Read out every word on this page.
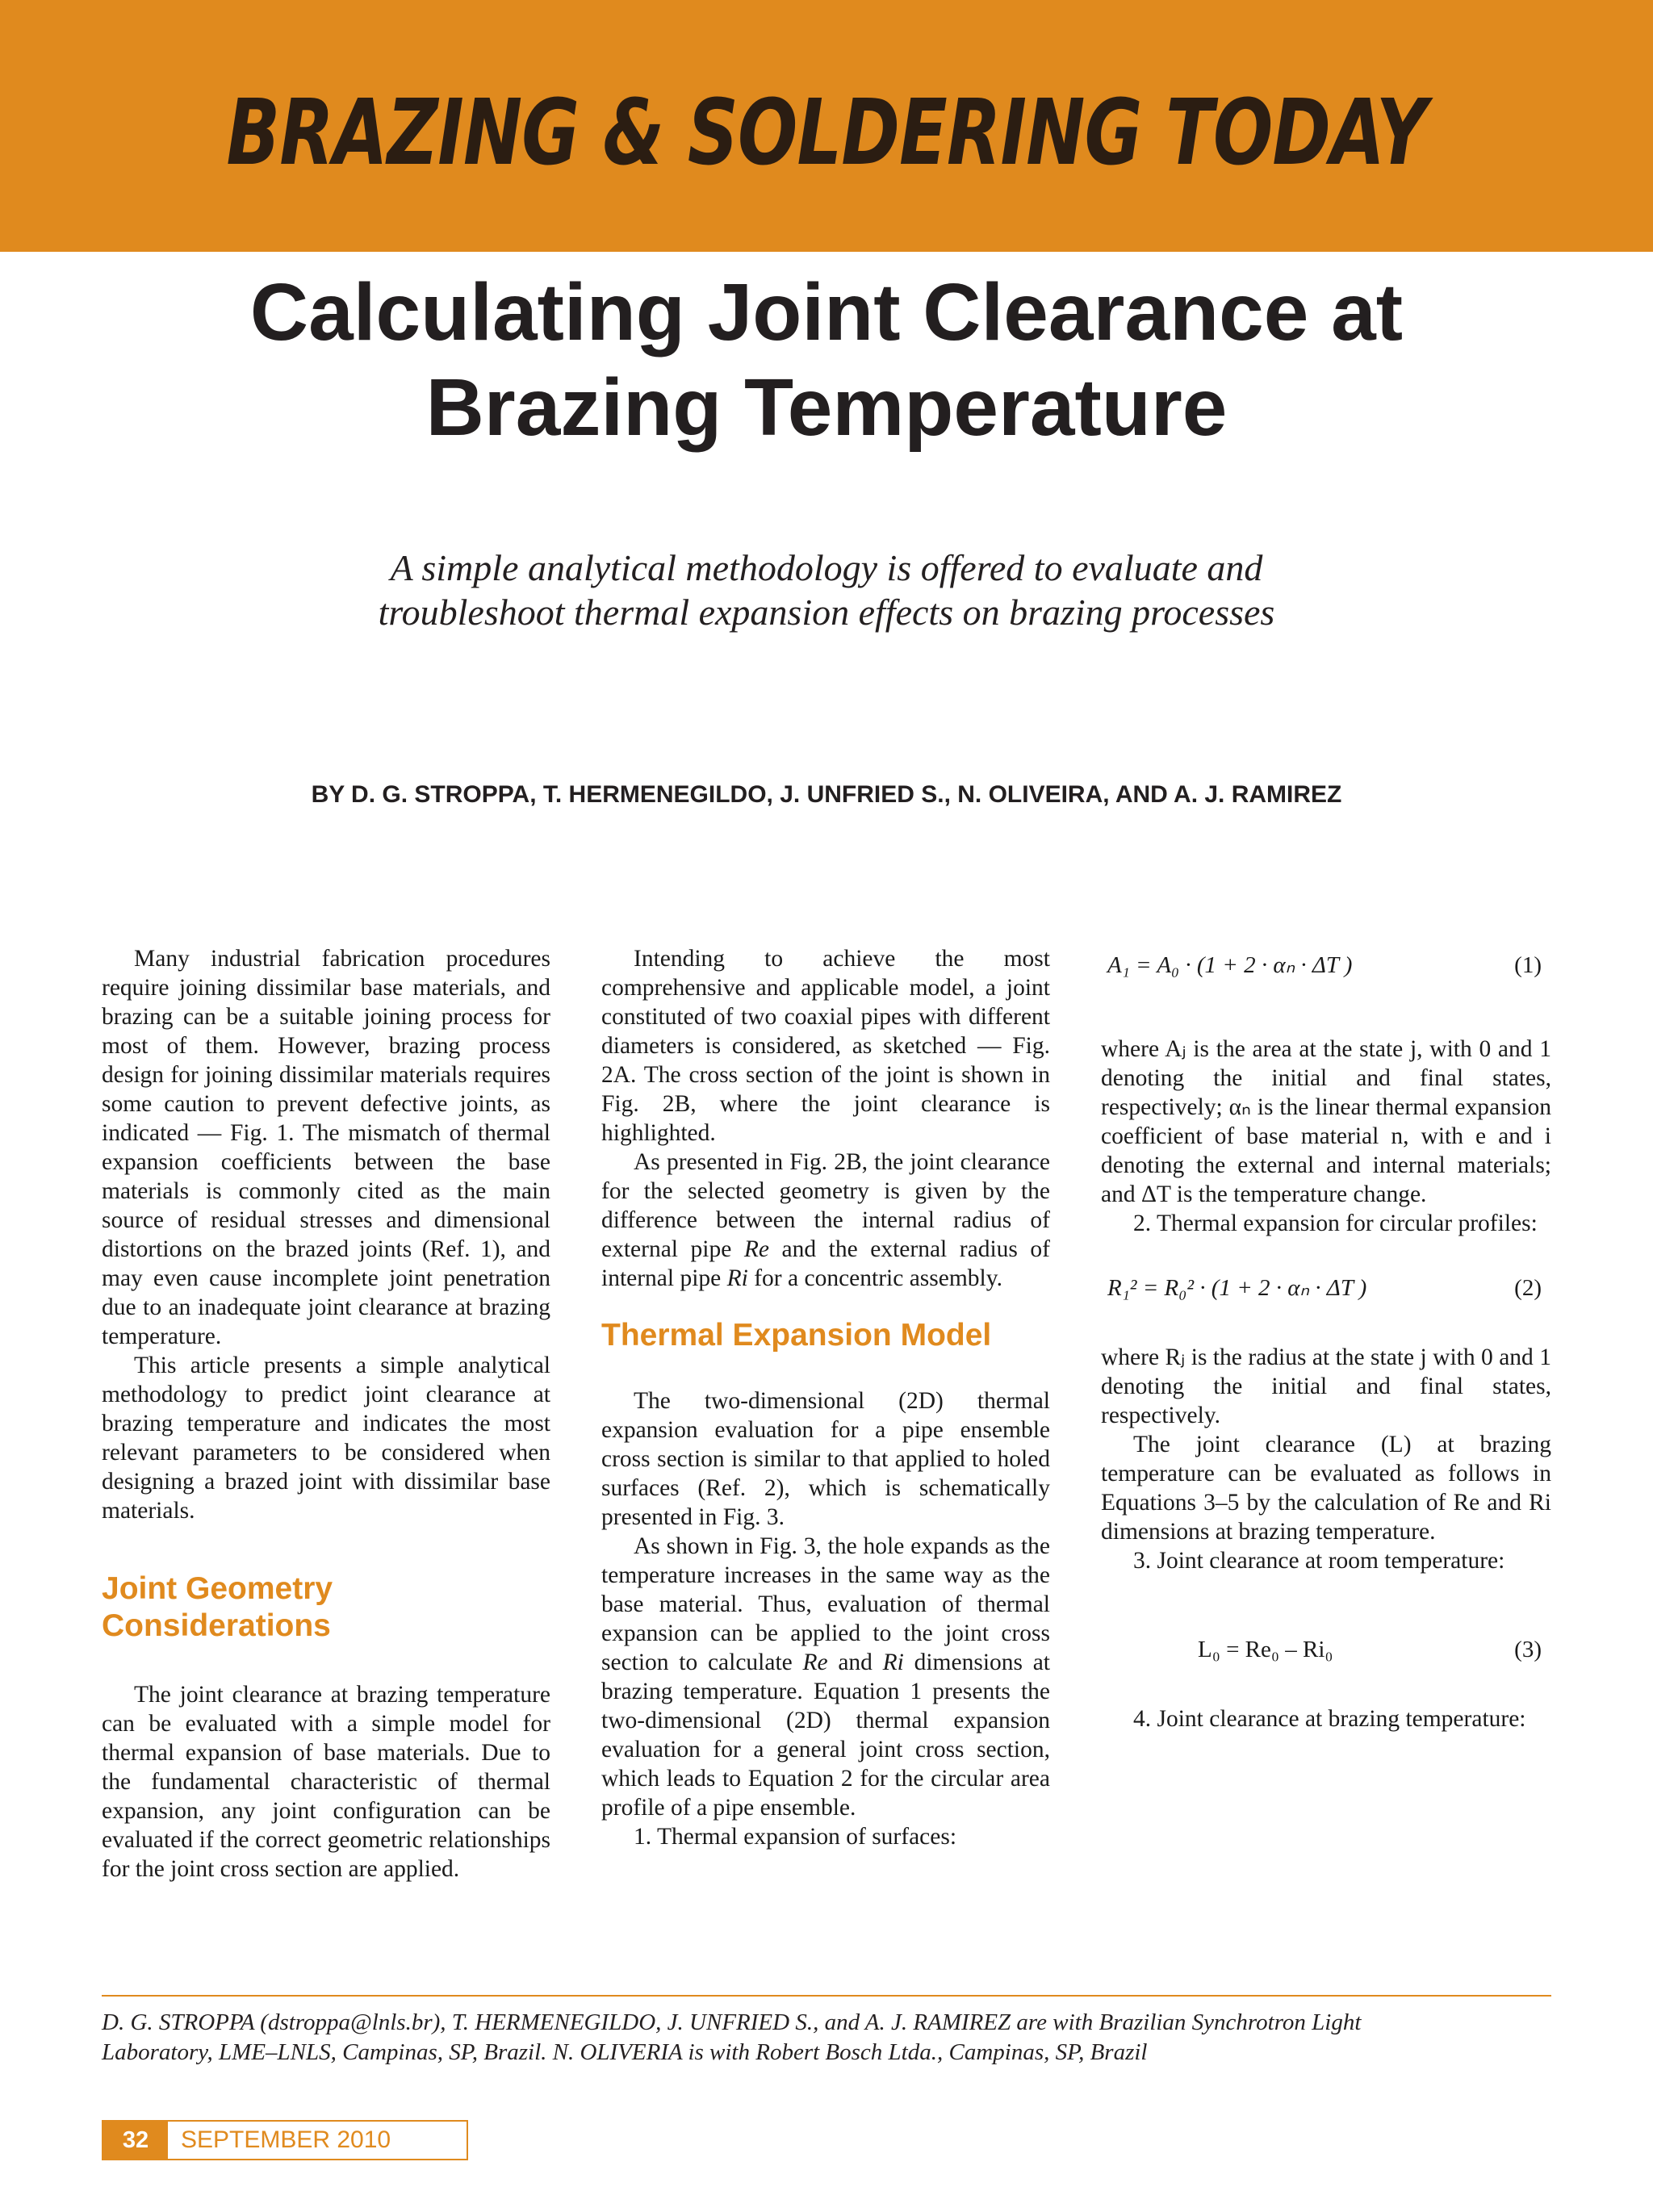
BRAZING & SOLDERING TODAY
Calculating Joint Clearance at
Brazing Temperature
A simple analytical methodology is offered to evaluate and
troubleshoot thermal expansion effects on brazing processes
BY D. G. STROPPA, T. HERMENEGILDO, J. UNFRIED S., N. OLIVEIRA, AND A. J. RAMIREZ

Many industrial fabrication procedures require joining dissimilar base materials, and brazing can be a suitable joining process for most of them. However, brazing process design for joining dissimilar materials requires some caution to prevent defective joints, as indicated — Fig. 1. The mismatch of thermal expansion coefficients between the base materials is commonly cited as the main source of residual stresses and dimensional distortions on the brazed joints (Ref. 1), and may even cause incomplete joint penetration due to an inadequate joint clearance at brazing temperature.

This article presents a simple analytical methodology to predict joint clearance at brazing temperature and indicates the most relevant parameters to be considered when designing a brazed joint with dissimilar base materials.

Joint Geometry
Considerations

The joint clearance at brazing temperature can be evaluated with a simple model for thermal expansion of base materials. Due to the fundamental characteristic of thermal expansion, any joint configuration can be evaluated if the correct geometric relationships for the joint cross section are applied.

Intending to achieve the most comprehensive and applicable model, a joint constituted of two coaxial pipes with different diameters is considered, as sketched — Fig. 2A. The cross section of the joint is shown in Fig. 2B, where the joint clearance is highlighted.

As presented in Fig. 2B, the joint clearance for the selected geometry is given by the difference between the internal radius of external pipe Re and the external radius of internal pipe Ri for a concentric assembly.

Thermal Expansion Model

The two-dimensional (2D) thermal expansion evaluation for a pipe ensemble cross section is similar to that applied to holed surfaces (Ref. 2), which is schematically presented in Fig. 3.

As shown in Fig. 3, the hole expands as the temperature increases in the same way as the base material. Thus, evaluation of thermal expansion can be applied to the joint cross section to calculate Re and Ri dimensions at brazing temperature. Equation 1 presents the two-dimensional (2D) thermal expansion evaluation for a general joint cross section, which leads to Equation 2 for the circular area profile of a pipe ensemble.

1. Thermal expansion of surfaces:

A₁ = A₀ · (1 + 2 · αₙ · ΔT )	(1)

where Aⱼ is the area at the state j, with 0 and 1 denoting the initial and final states, respectively; αₙ is the linear thermal expansion coefficient of base material n, with e and i denoting the external and internal materials; and ΔT is the temperature change.

2. Thermal expansion for circular profiles:

R₁² = R₀² · (1 + 2 · αₙ · ΔT )	(2)

where Rⱼ is the radius at the state j with 0 and 1 denoting the initial and final states, respectively.

The joint clearance (L) at brazing temperature can be evaluated as follows in Equations 3–5 by the calculation of Re and Ri dimensions at brazing temperature.

3. Joint clearance at room temperature:

L₀ = Re₀ – Ri₀	(3)

4. Joint clearance at brazing temperature:

D. G. STROPPA (dstroppa@lnls.br), T. HERMENEGILDO, J. UNFRIED S., and A. J. RAMIREZ are with Brazilian Synchrotron Light
Laboratory, LME–LNLS, Campinas, SP, Brazil. N. OLIVERIA is with Robert Bosch Ltda., Campinas, SP, Brazil
32	SEPTEMBER 2010
